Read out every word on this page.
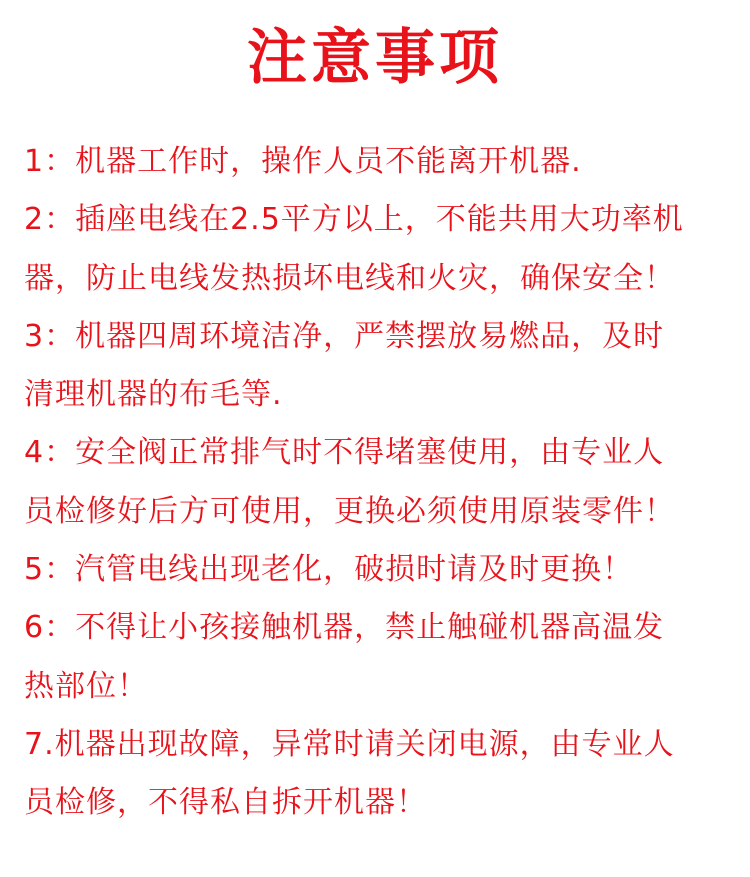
注意事项
1：机器工作时，操作人员不能离开机器.
2：插座电线在2.5平方以上，不能共用大功率机
器，防止电线发热损坏电线和火灾，确保安全！
3：机器四周环境洁净，严禁摆放易燃品，及时
清理机器的布毛等.
4：安全阀正常排气时不得堵塞使用，由专业人
员检修好后方可使用，更换必须使用原装零件！
5：汽管电线出现老化，破损时请及时更换！
6：不得让小孩接触机器，禁止触碰机器高温发
热部位！
7.机器出现故障，异常时请关闭电源，由专业人
员检修，不得私自拆开机器！
